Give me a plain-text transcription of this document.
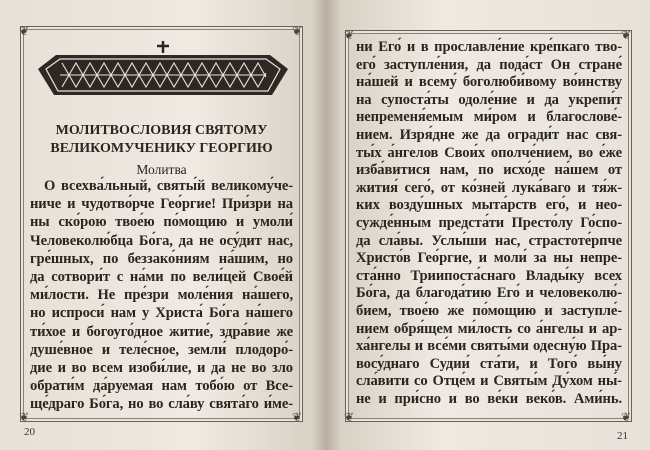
МОЛИТВОСЛОВИЯ СВЯТОМУ
ВЕЛИКОМУЧЕНИКУ ГЕОРГИЮ
Молитва
О всехва́льный, святы́й великому́че-
ниче и чудотво́рче Гео́ргие! При́зри на
ны ско́рою твое́ю по́мощию и умоли́
Человеколю́бца Бо́га, да не осу́дит нас,
гре́шных, по беззако́ниям на́шим, но
да сотвори́т с на́ми по вели́цей Свое́й
ми́лости. Не пре́зри моле́ния на́шего,
но испроси́ нам у Христа́ Бо́га на́шего
ти́хое и богоуго́дное житие́, здра́вие же
душе́вное и теле́сное, земли́ плодоро́-
дие и во всем изоби́лие, и да не во зло
обрати́м да́руемая нам тобо́ю от Все-
ще́драго Бо́га, но во сла́ву свята́го и́ме-
❦	❦
❦	❦
20
ни Его́ и в прославле́ние кре́пкаго тво-
его́ заступле́ния, да пода́ст Он стране́
на́шей и всему́ боголюби́вому во́инству
на супоста́ты одоле́ние и да укрепи́т
непременя́емым ми́ром и благослове́-
нием. Изря́дне же да огради́т нас свя-
ты́х а́нгелов Свои́х ополче́нием, во е́же
изба́витися нам, по исхо́де на́шем от
жития́ сего́, от ко́зней лука́ваго и тя́ж-
ких возду́шных мыта́рств его́, и нео-
сужде́нным предста́ти Престо́лу Го́спо-
да сла́вы. Услы́ши нас, страстоте́рпче
Христо́в Гео́ргие, и моли́ за ны непре-
ста́нно Триипоста́снаго Влады́ку всех
Бо́га, да благода́тию Его́ и человеколю́-
бием, твое́ю же по́мощию и заступле́-
нием обря́щем ми́лость со а́нгелы и ар-
ха́нгелы и все́ми святы́ми одесну́ю Пра-
восу́днаго Судии́ ста́ти, и Того́ вы́ну
сла́вити со Отце́м и Святы́м Ду́хом ны́-
не и при́сно и во ве́ки веко́в. Ами́нь.
❦	❦
❦	❦
21
